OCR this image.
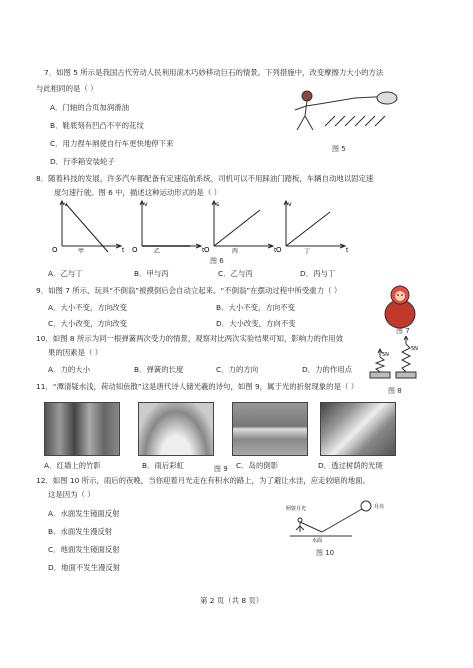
7．如图 5 所示是我国古代劳动人民利用滚木巧妙移动巨石的情景。下列措施中，改变摩擦力大小的方法
与此相同的是（ ）
A．门轴的合页加润滑油
B．鞋底刻有凹凸不平的花纹
C．用力捏车闸使自行车更快地停下来
D．行李箱安装轮子
图 5
8．随着科技的发展，许多汽车都配备有定速巡航系统，司机可以不用踩油门踏板，车辆自动地以固定速
度匀速行驶。图 6 中，描述这种运动形式的是（ ）
v
t
O	甲
v
t
O	乙
s
t
O	丙
v
t
O	丁
图 6
A．乙与丁	B．甲与丙	C．乙与丙	D．丙与丁
9．如图 7 所示，玩具“不倒翁”被摸倒后会自动立起来。“不倒翁”在摆动过程中所受重力（ ）
A．大小不变，方向改变	B．大小不变，方向不变
C．大小改变，方向改变	D．大小改变，方向不变
图 7
10．如图 8 所示为同一根弹簧两次受力的情景，观察对比两次实验结果可知，影响力的作用效
果的因素是（ ）
A．力的大小	B．弹簧的长度	C．力的方向	D．力的作用点
5N
5N
图 8
11．“潭清疑水浅，荷动知鱼散”这是唐代诗人储光羲的诗句，如图 9，属于光的折射现象的是（ ）
A．红墙上的竹影	B．雨后彩虹	C．岛的倒影	D．透过树荫的光斑
图 9
12．如图 10 所示，雨后的夜晚，当你迎着月光走在有积水的路上，为了避让水洼，应走较暗的地面。
这是因为（ ）
A．水面发生镜面反射
B．水面发生漫反射
C．地面发生镜面反射
D．地面不发生漫反射
月亮
照射月光
水面
图 10
第 2 页（共 8 页）
